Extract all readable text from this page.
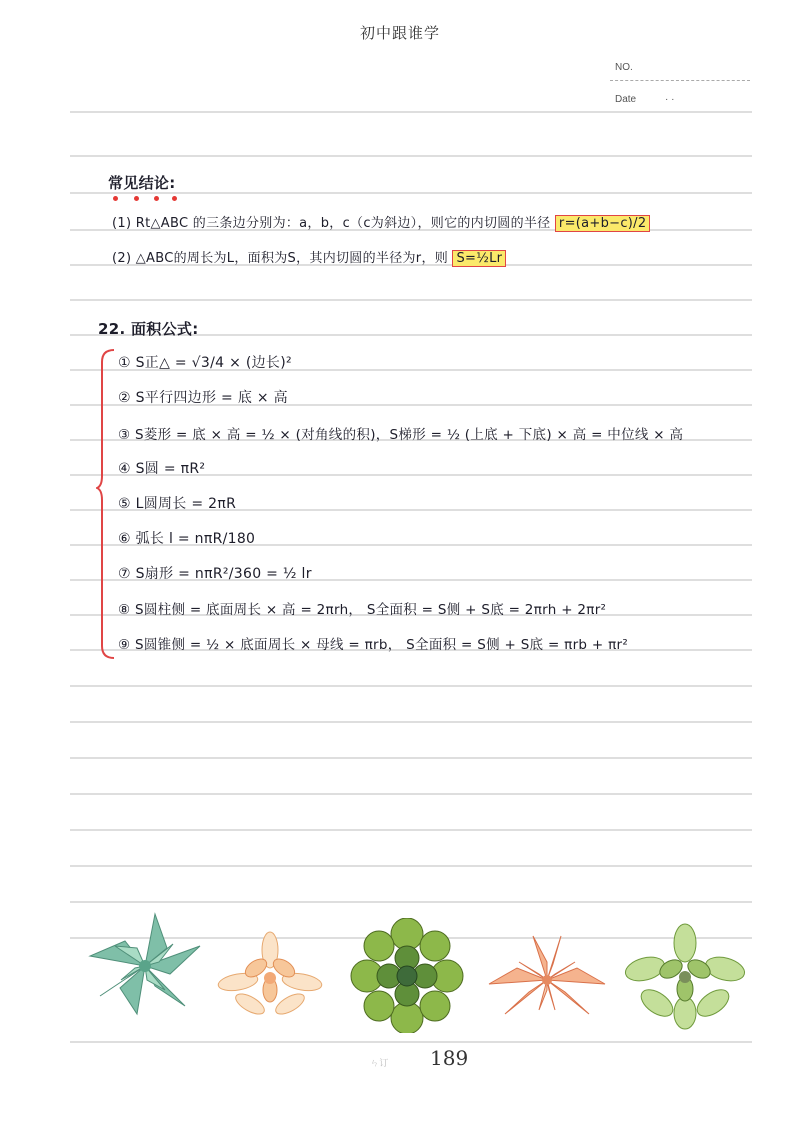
初中跟谁学
NO.
Date	· ·
常见结论:
(1) Rt△ABC 的三条边分别为：a，b，c（c为斜边），则它的内切圆的半径 r=(a+b−c)/2
(2) △ABC的周长为L，面积为S，其内切圆的半径为r，则 S=½Lr
22. 面积公式:
① S正△ = √3/4 × (边长)²
② S平行四边形 = 底 × 高
③ S菱形 = 底 × 高 = ½ × (对角线的积)，S梯形 = ½ (上底 + 下底) × 高 = 中位线 × 高
④ S圆 = πR²
⑤ L圆周长 = 2πR
⑥ 弧长 l = nπR/180
⑦ S扇形 = nπR²/360 = ½ lr
⑧ S圆柱侧 = 底面周长 × 高 = 2πrh， S全面积 = S侧 + S底 = 2πrh + 2πr²
⑨ S圆锥侧 = ½ × 底面周长 × 母线 = πrb， S全面积 = S侧 + S底 = πrb + πr²
ㄣ订 189
